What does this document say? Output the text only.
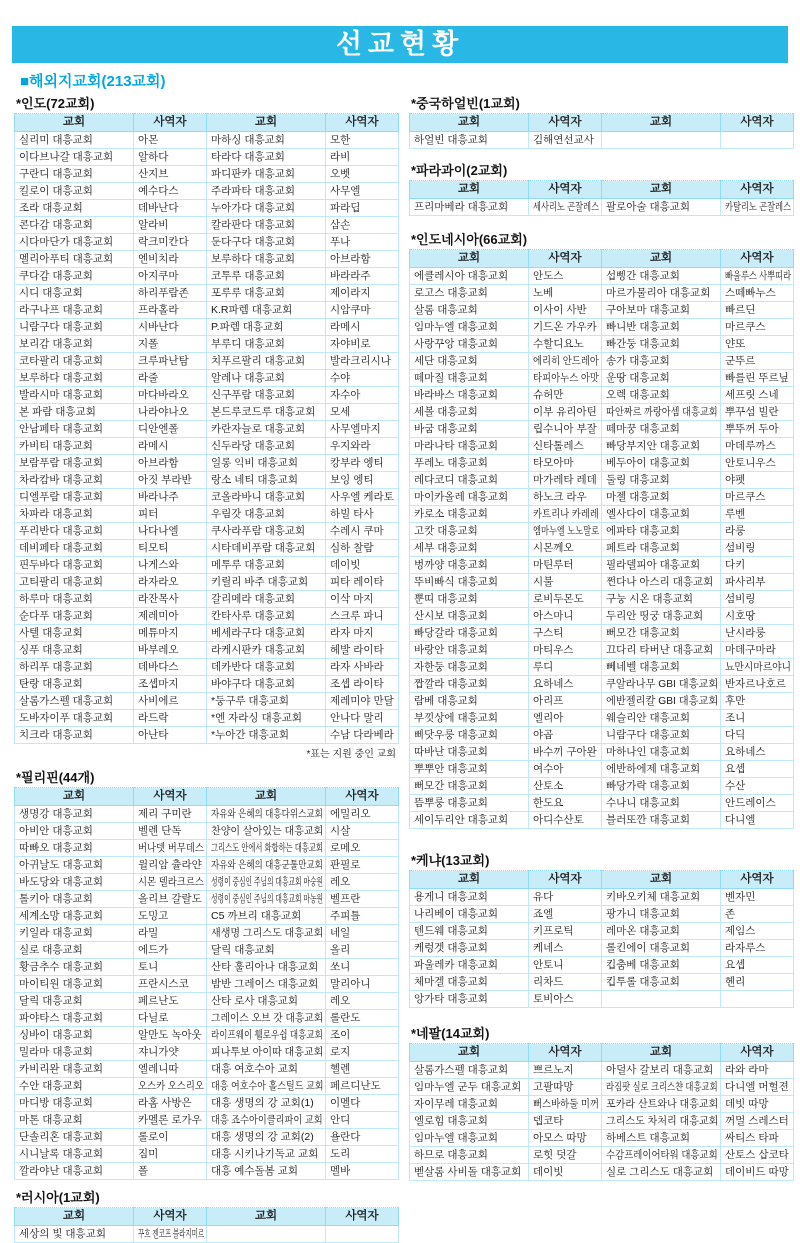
선교현황
■해외지교회(213교회)
*인도(72교회)
교회	사역자	교회	사역자
실리미 대흥교회	아몬	마하싱 대흥교회	모한
이다브나갈 대흥교회	알하다	타라다 대흥교회	라비
구란디 대흥교회	산지브	파디판카 대흥교회	오벳
킬로이 대흥교회	예수다스	주라파타 대흥교회	사무엘
조라 대흥교회	데바난다	누아가다 대흥교회	파라딥
콘다감 대흥교회	알라비	칼라판다 대흥교회	삼손
시다마단가 대흥교회	락크미칸다	둔다구다 대흥교회	푸나
멜리아푸티 대흥교회	엔비치라	보루하다 대흥교회	아브라함
쿠다감 대흥교회	아지쿠마	코투루 대흥교회	바라라주
시디 대흥교회	하리푸람존	포루루 대흥교회	제이라지
라구나프 대흥교회	프라홀라	K.R파렘 대흥교회	시암쿠마
니람구다 대흥교회	시바난다	P.파렘 대흥교회	라메시
보리감 대흥교회	지폴	부루디 대흥교회	자야비로
코타팔리 대흥교회	크루파난탐	치푸르팔리 대흥교회	발라크리시나
보루하다 대흥교회	라줄	알레나 대흥교회	수야
발라시마 대흥교회	마다바라오	신구푸람 대흥교회	자수아
본 파람 대흥교회	나라야나오	본드루코드루 대흥교회	모세
안남페타 대흥교회	디안엔폴	카란자늘로 대흥교회	사무엘마지
카비티 대흥교회	라메시	신두라당 대흥교회	우지와라
보람푸람 대흥교회	아브라함	일롱 익비 대흥교회	캉부라 엥티
차라캄바 대흥교회	아짓 부라반	랑소 네티 대흥교회	보잉 엥티
디엘푸람 대흥교회	바라나주	코올라바니 대흥교회	사우엘 케라토
차파라 대흥교회	피터	우림갓 대흥교회	하빌 타사
푸리반다 대흥교회	나다나엘	쿠사라푸람 대흥교회	수레시 쿠마
데비페타 대흥교회	티모티	시타데비푸람 대흥교회	심하 찰람
핀두바다 대흥교회	나게스와	메투루 대흥교회	데이빗
고티팔리 대흥교회	라자라오	키릴리 바주 대흥교회	피타 레이타
하루마 대흥교회	라잔목사	갈리메라 대흥교회	이삭 마지
순다푸 대흥교회	제레미아	칸타사루 대흥교회	스크루 파니
사텔 대흥교회	메튜마지	베세라구다 대흥교회	라자 마지
싱푸 대흥교회	바부레오	라케시판카 대흥교회	헤발 라이타
하리푸 대흥교회	데바다스	데카반다 대흥교회	라자 사바라
탄랑 대흥교회	조셉마지	바야구다 대흥교회	조셉 라이타
살롬가스펠 대흥교회	사비에르	*둥구루 대흥교회	제레미야 만달
도바자이푸 대흥교회	라드락	*엔 자라싱 대흥교회	안나다 말리
치크라 대흥교회	아난타	*누아간 대흥교회	수남 다라베라
*표는 지원 중인 교회
*필리핀(44개)
교회	사역자	교회	사역자
생명강 대흥교회	제리 구미란	자유와 은혜의 대흥다위스교회	에밀리오
아비안 대흥교회	벨렌 단독	찬양이 살아있는 대흥교회	시살
따빠오 대흥교회	버나뎃 버무데스	그리스도 안에서 화합하는 대흥교회	로메오
아귀날도 대흥교회	윌리암 츌라얀	자유와 은혜의 대흥군툴만교회	판필로
바도당와 대흥교회	시몬 델라크르스	성령이 중심인 주님의 대흥교회 마숭원	레오
톨키아 대흥교회	올리브 갈랄도	성령이 중심인 주님의 대흥교회 마농원	벨프란
세계소망 대흥교회	도밍고	C5 까브리 대흥교회	주피틀
키일라 대흥교회	라밀	새생명 그리스도 대흥교회	네일
실로 대흥교회	에드가	달릭 대흥교회	올리
황금추수 대흥교회	토니	산타 훌리아나 대흥교회	쏘니
마이티원 대흥교회	프란시스코	밤반 그레이스 대흥교회	말리아니
달릭 대흥교회	페르난도	산타 로사 대흥교회	레오
파야타스 대흥교회	다닐로	그레이스 오브 갓 대흥교회	롤란도
싱바이 대흥교회	알만도 녹아웃	라이프웨이 휄로우쉽 대흥교회	조이
밀라마 대흥교회	쟈니가얏	피나투보 아이따 대흥교회	로지
카비리완 대흥교회	엘레니따	대흥 여호수아 교회	헬렌
수안 대흥교회	오스카 오스리오	대흥 여호수아 홀스틸드 교회	페르디난도
마디방 대흥교회	라홈 사방은	대흥 생명의 강 교회(1)	이멜다
마톤 대흥교회	카멜론 로가우	대흥 죠수아이클리파이 교회	안디
단솔리혼 대흥교회	롤로이	대흥 생명의 강 교회(2)	욜란다
시니날록 대흥교회	짐미	대흥 시키나기독교 교회	도리
깔라야난 대흥교회	폴	대흥 예수돌봄 교회	멜바
*러시아(1교회)
교회	사역자	교회	사역자
세상의 빛 대흥교회	꾸흐 젠코프 블라지미르		
*중국하얼빈(1교회)
교회	사역자	교회	사역자
하얼빈 대흥교회	김해연선교사		
*파라과이(2교회)
교회	사역자	교회	사역자
프리마베라 대흥교회	세사리노 곤잘레스	팔로아술 대흥교회	카탈리노 곤잘레스
*인도네시아(66교회)
교회	사역자	교회	사역자
에클레시아 대흥교회	안도스	섭삥간 대흥교회	빠울루스 사뿌띠라
로고스 대흥교회	노베	마르가물리아 대흥교회	스떼빠누스
살롬 대흥교회	이사이 사반	구아보마 대흥교회	빠르딘
임마누엘 대흥교회	기드온 가우카	빠니반 대흥교회	마르쿠스
사랑꾸앙 대흥교회	수할디요노	빠간둥 대흥교회	얀또
세단 대흥교회	에리히 안드레아	송가 대흥교회	군뚜르
떼마질 대흥교회	타피아누스 아맛	운땅 대흥교회	빠를린 뚜르닢
바라바스 대흥교회	슈허만	오렉 대흥교회	세프릿 스네
세볼 대흥교회	이부 유리아틴	따안짜르 까랑아셈 대흥교회	뿌꾸섬 빌란
바굼 대흥교회	립수니아 부잘	떼마꿍 대흥교회	뿌뚜꺼 두아
마라나타 대흥교회	신타톨레스	빠당부지안 대흥교회	마데루까스
푸레노 대흥교회	타모아마	베두아이 대흥교회	안토니우스
레다코디 대흥교회	마가레타 레데	둘링 대흥교회	야펫
마이카올레 대흥교회	하노크 라우	마젤 대흥교회	마르쿠스
카로소 대흥교회	카트리나 카레레	엘사다이 대흥교회	루벤
고캇 대흥교회	엠마누엘 노노말로	에파타 대흥교회	라룽
세부 대흥교회	시몬께오	페트라 대흥교회	섬비링
벙까양 대흥교회	마틴루터	필라델피아 대흥교회	다키
뚜비빠식 대흥교회	시불	쩐다나 아스리 대흥교회	파사리부
뿐띠 대흥교회	로비두몬도	구눙 시온 대흥교회	섬비링
산시보 대흥교회	아스마니	두리안 띵궁 대흥교회	시호땅
빠당갈라 대흥교회	구스티	뻐모간 대흥교회	난시라룽
바랑안 대흥교회	마티우스	끄다리 타버난 대흥교회	마데구마라
자한둥 대흥교회	루디	뻬네벨 대흥교회	뇨만시마르야니
짭깔라 대흥교회	요하네스	쿠알라나무 GBI 대흥교회	반자르나호르
람베 대흥교회	아리프	에반젤리칼 GBI 대흥교회	후만
부낏상에 대흥교회	엘리아	웨슬리안 대흥교회	조니
삐닷우룽 대흥교회	야곱	니람구다 대흥교회	다딕
따바난 대흥교회	바수끼 구아완	마하나인 대흥교회	요하네스
뿌뿌안 대흥교회	여수아	에반하에제 대흥교회	요셉
뻐모간 대흥교회	산토소	빠당가락 대흥교회	수산
뜸뿌룽 대흥교회	한도요	수나니 대흥교회	안드레이스
세이두리안 대흥교회	아디수산토	블러또깐 대흥교회	다니엘
*케냐(13교회)
교회	사역자	교회	사역자
용게니 대흥교회	유다	키바오키체 대흥교회	벤자민
나리베이 대흥교회	죠엘	팡가니 대흥교회	존
텐드웨 대흥교회	키프로틱	레마온 대흥교회	제임스
케렁겟 대흥교회	케네스	롤킨에이 대흥교회	라자루스
파울레카 대흥교회	안토니	킵춤베 대흥교회	요셉
체마겔 대흥교회	리차드	킵투롤 대흥교회	헨리
앙가타 대흥교회	토비아스		
*네팔(14교회)
교회	사역자	교회	사역자
살롬가스펠 대흥교회	쁘르노지	아덜사 갈보리 대흥교회	라와 라마
임마누엘 군두 대흥교회	고팔따망	라짐팟 실로 크리스챤 대흥교회	다니엘 머헐젼
자이무레 대흥교회	뻐스바하둘 미꺼	포카라 산트와나 대흥교회	데빗 따망
엘로힘 대흥교회	뎁코타	그리스도 차처리 대흥교회	꺼멀 스레스터
임마누엘 대흥교회	아모스 따망	하베스트 대흥교회	싸티스 타파
하므로 대흥교회	로힛 덧갈	수감프레이어타워 대흥교회	산토스 삽코타
벧살롬 사비돌 대흥교회	데이빗	실로 그리스도 대흥교회	데이비드 따망
